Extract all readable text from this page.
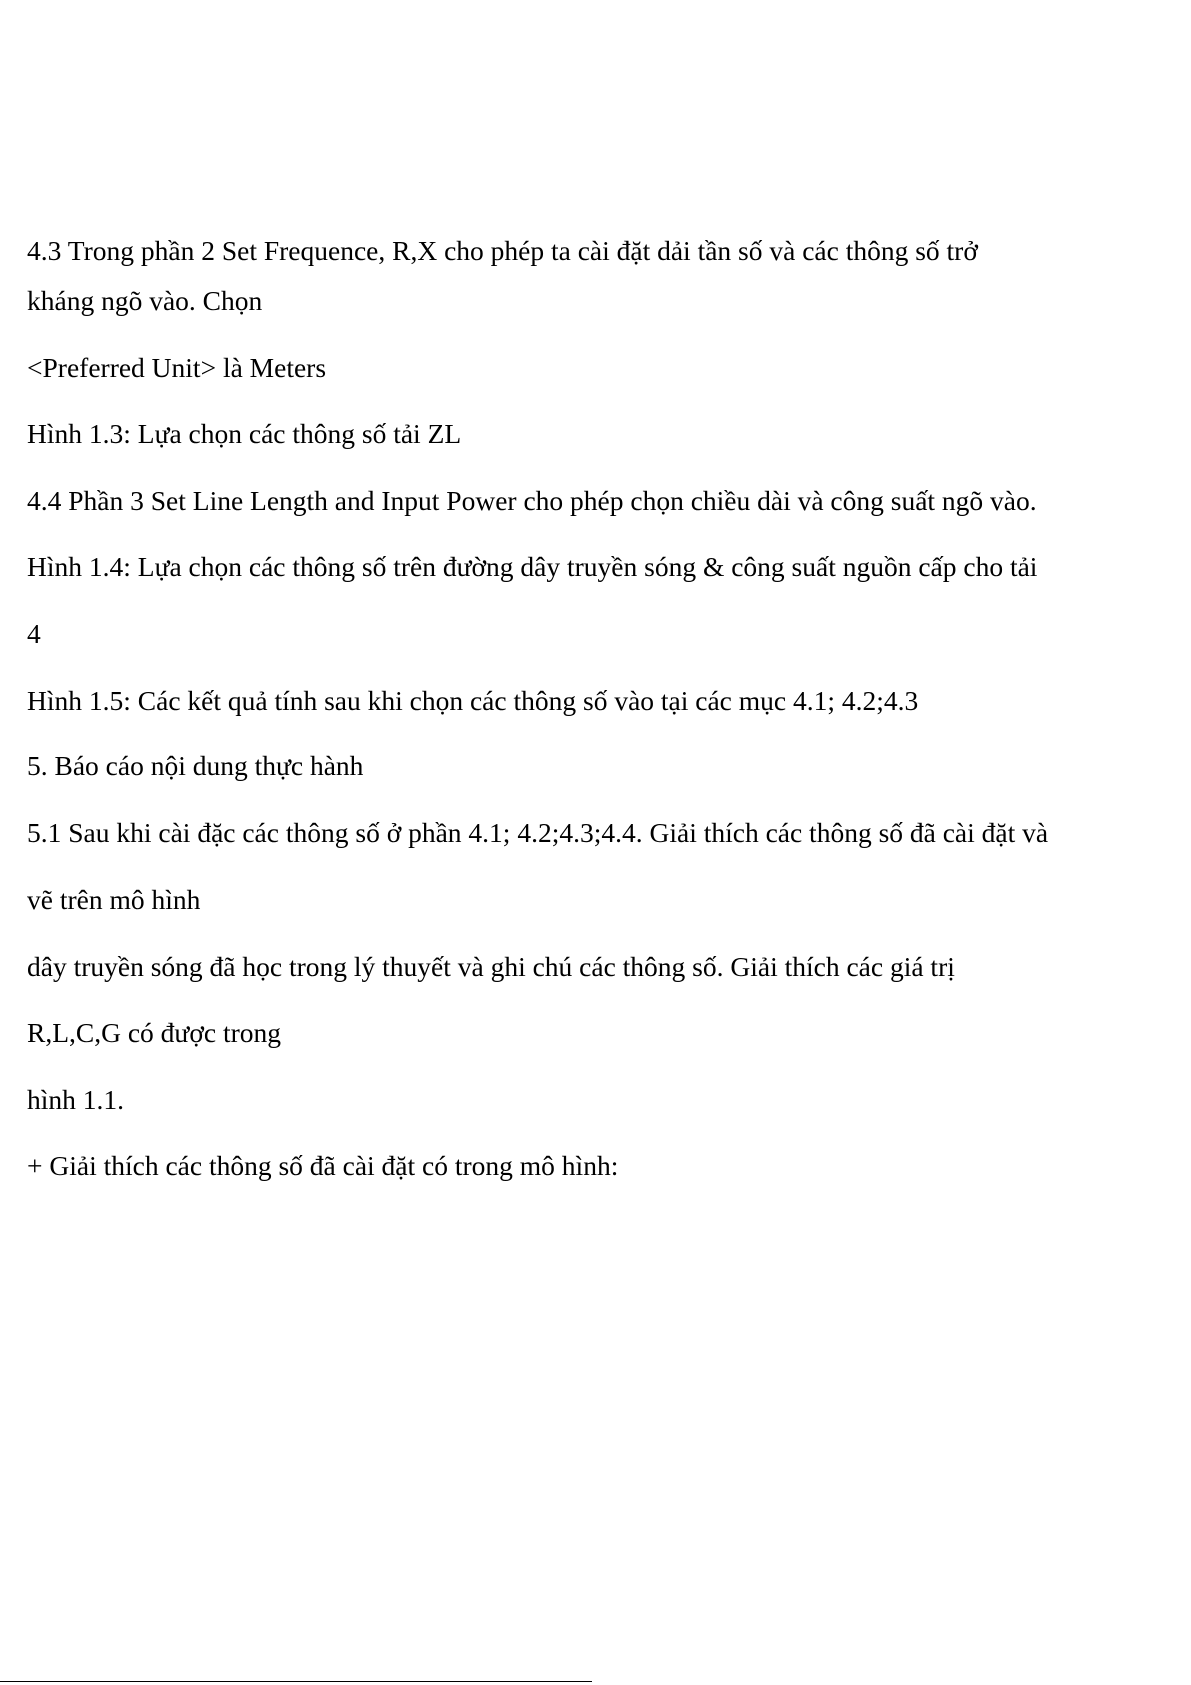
4.3 Trong phần 2 Set Frequence, R,X cho phép ta cài đặt dải tần số và các thông số trở

kháng ngõ vào. Chọn

<Preferred Unit> là Meters

Hình 1.3: Lựa chọn các thông số tải ZL

4.4 Phần 3 Set Line Length and Input Power cho phép chọn chiều dài và công suất ngõ vào.

Hình 1.4: Lựa chọn các thông số trên đường dây truyền sóng & công suất nguồn cấp cho tải

4

Hình 1.5: Các kết quả tính sau khi chọn các thông số vào tại các mục 4.1; 4.2;4.3

5. Báo cáo nội dung thực hành

5.1 Sau khi cài đặc các thông số ở phần 4.1; 4.2;4.3;4.4. Giải thích các thông số đã cài đặt và

vẽ trên mô hình

dây truyền sóng đã học trong lý thuyết và ghi chú các thông số. Giải thích các giá trị

R,L,C,G có được trong

hình 1.1.

+ Giải thích các thông số đã cài đặt có trong mô hình:
